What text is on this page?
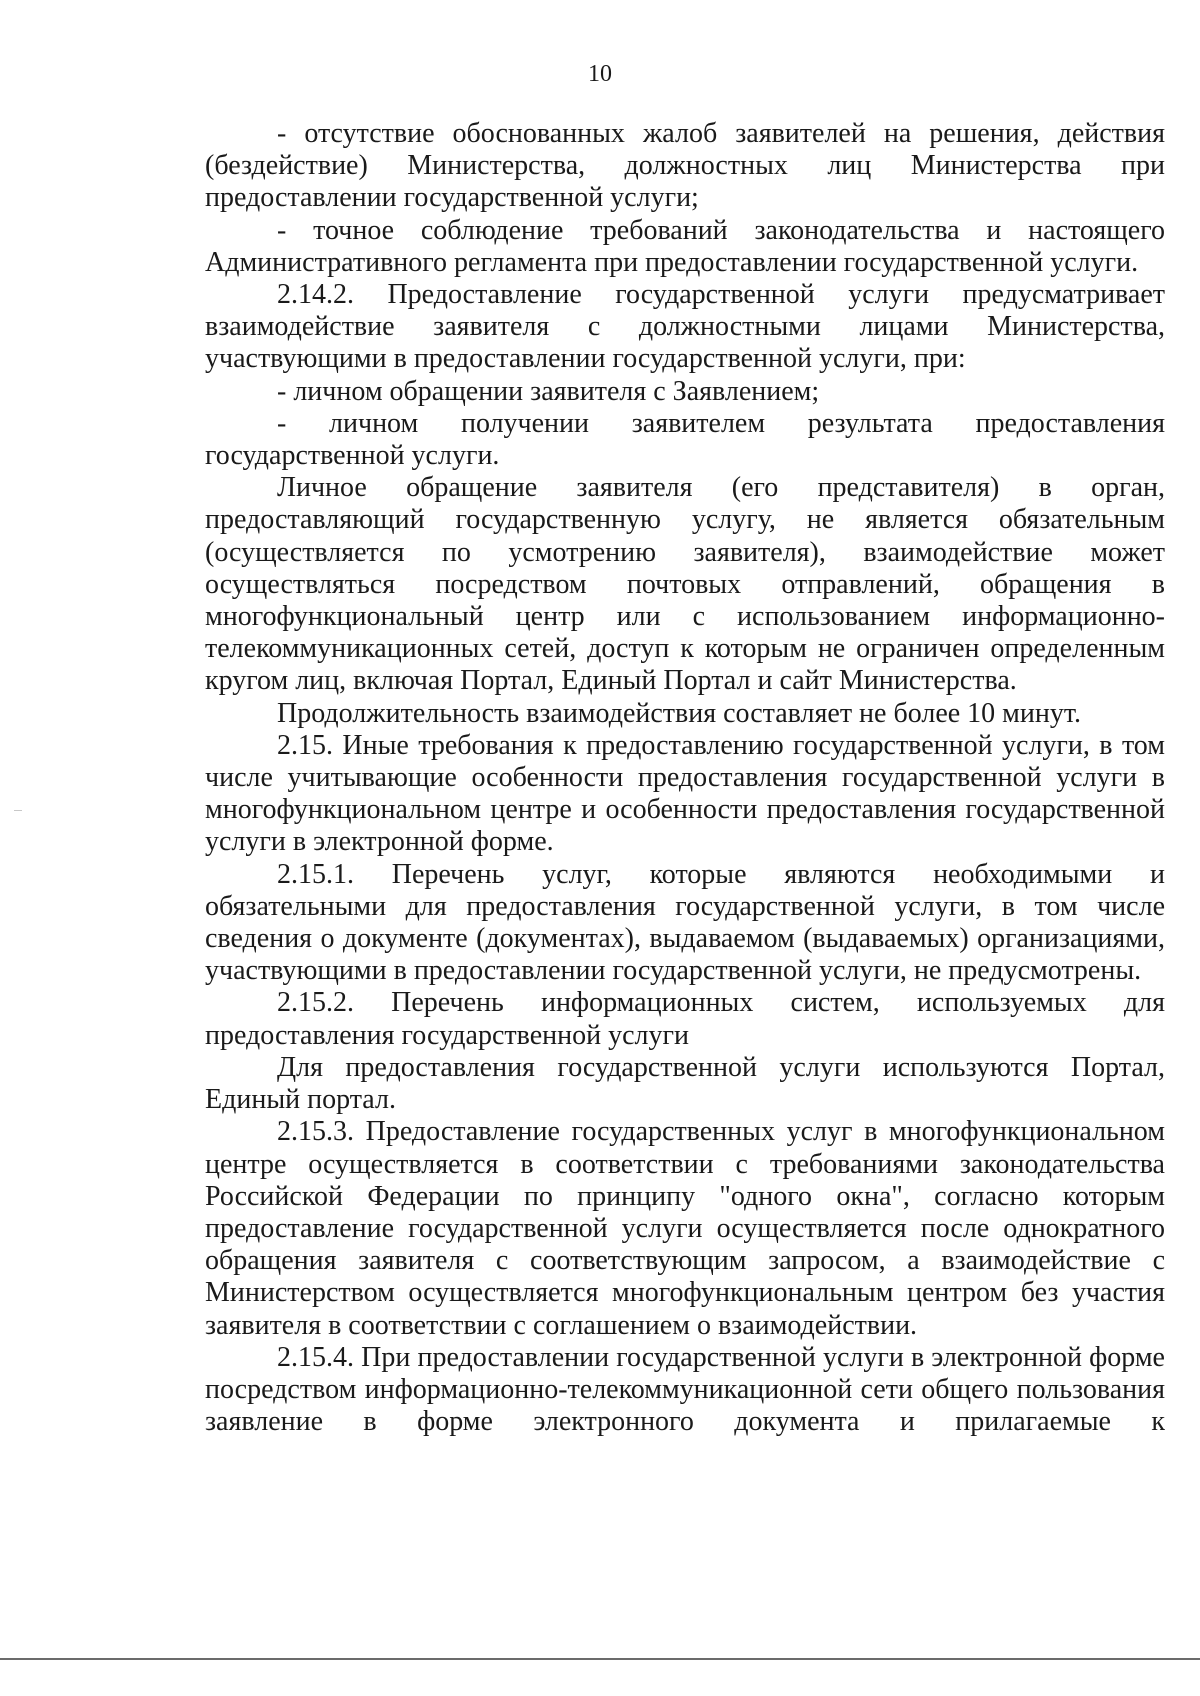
10

- отсутствие обоснованных жалоб заявителей на решения, действия (бездействие) Министерства, должностных лиц Министерства при предоставлении государственной услуги;

- точное соблюдение требований законодательства и настоящего Административного регламента при предоставлении государственной услуги.

2.14.2. Предоставление государственной услуги предусматривает взаимодействие заявителя с должностными лицами Министерства, участвующими в предоставлении государственной услуги, при:

- личном обращении заявителя с Заявлением;

- личном получении заявителем результата предоставления государственной услуги.

Личное обращение заявителя (его представителя) в орган, предоставляющий государственную услугу, не является обязательным (осуществляется по усмотрению заявителя), взаимодействие может осуществляться посредством почтовых отправлений, обращения в многофункциональный центр или с использованием информационно-телекоммуникационных сетей, доступ к которым не ограничен определенным кругом лиц, включая Портал, Единый Портал и сайт Министерства.

Продолжительность взаимодействия составляет не более 10 минут.

2.15. Иные требования к предоставлению государственной услуги, в том числе учитывающие особенности предоставления государственной услуги в многофункциональном центре и особенности предоставления государственной услуги в электронной форме.

2.15.1. Перечень услуг, которые являются необходимыми и обязательными для предоставления государственной услуги, в том числе сведения о документе (документах), выдаваемом (выдаваемых) организациями, участвующими в предоставлении государственной услуги, не предусмотрены.

2.15.2. Перечень информационных систем, используемых для предоставления государственной услуги

Для предоставления государственной услуги используются Портал, Единый портал.

2.15.3. Предоставление государственных услуг в многофункциональном центре осуществляется в соответствии с требованиями законодательства Российской Федерации по принципу "одного окна", согласно которым предоставление государственной услуги осуществляется после однократного обращения заявителя с соответствующим запросом, а взаимодействие с Министерством осуществляется многофункциональным центром без участия заявителя в соответствии с соглашением о взаимодействии.

2.15.4. При предоставлении государственной услуги в электронной форме посредством информационно-телекоммуникационной сети общего пользования заявление в форме электронного документа и прилагаемые к
